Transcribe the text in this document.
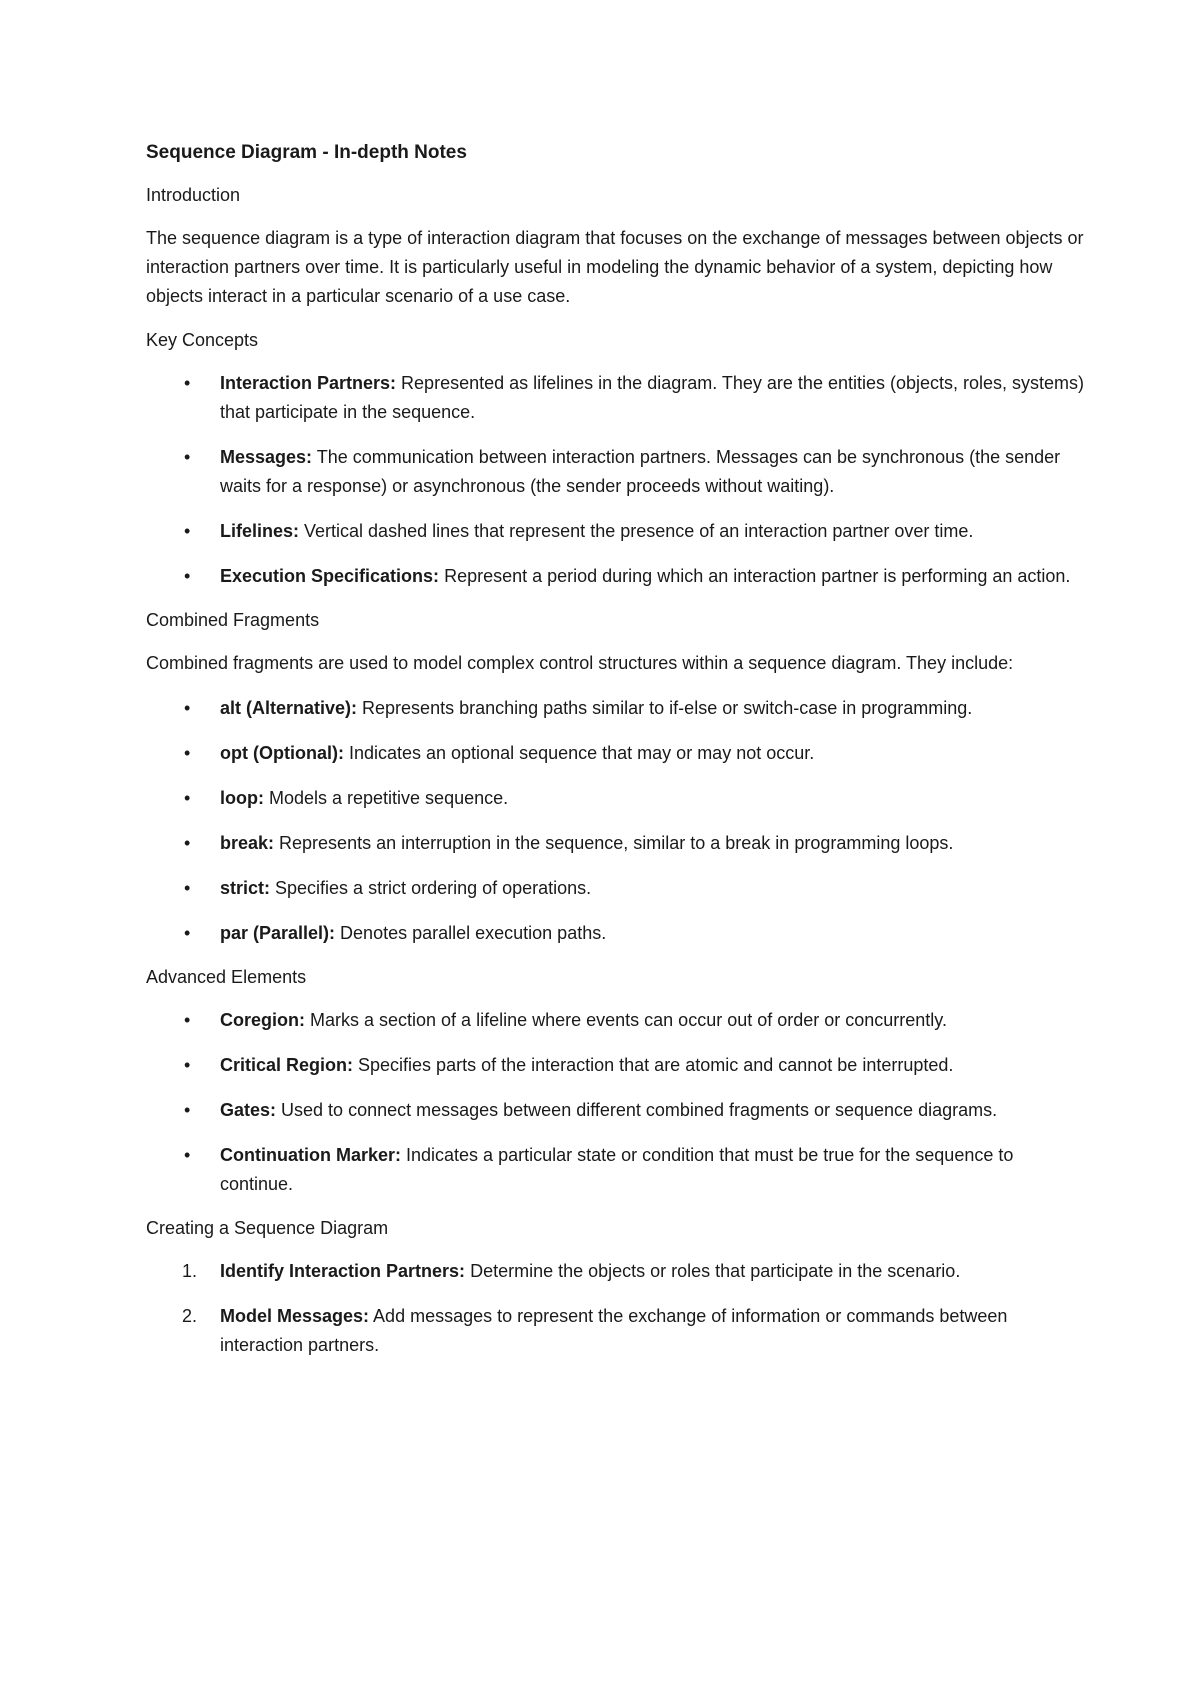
Sequence Diagram - In-depth Notes
Introduction
The sequence diagram is a type of interaction diagram that focuses on the exchange of messages between objects or interaction partners over time. It is particularly useful in modeling the dynamic behavior of a system, depicting how objects interact in a particular scenario of a use case.
Key Concepts
•	Interaction Partners: Represented as lifelines in the diagram. They are the entities (objects, roles, systems) that participate in the sequence.
•	Messages: The communication between interaction partners. Messages can be synchronous (the sender waits for a response) or asynchronous (the sender proceeds without waiting).
•	Lifelines: Vertical dashed lines that represent the presence of an interaction partner over time.
•	Execution Specifications: Represent a period during which an interaction partner is performing an action.
Combined Fragments
Combined fragments are used to model complex control structures within a sequence diagram. They include:
•	alt (Alternative): Represents branching paths similar to if-else or switch-case in programming.
•	opt (Optional): Indicates an optional sequence that may or may not occur.
•	loop: Models a repetitive sequence.
•	break: Represents an interruption in the sequence, similar to a break in programming loops.
•	strict: Specifies a strict ordering of operations.
•	par (Parallel): Denotes parallel execution paths.
Advanced Elements
•	Coregion: Marks a section of a lifeline where events can occur out of order or concurrently.
•	Critical Region: Specifies parts of the interaction that are atomic and cannot be interrupted.
•	Gates: Used to connect messages between different combined fragments or sequence diagrams.
•	Continuation Marker: Indicates a particular state or condition that must be true for the sequence to continue.
Creating a Sequence Diagram
1.	Identify Interaction Partners: Determine the objects or roles that participate in the scenario.
2.	Model Messages: Add messages to represent the exchange of information or commands between interaction partners.
